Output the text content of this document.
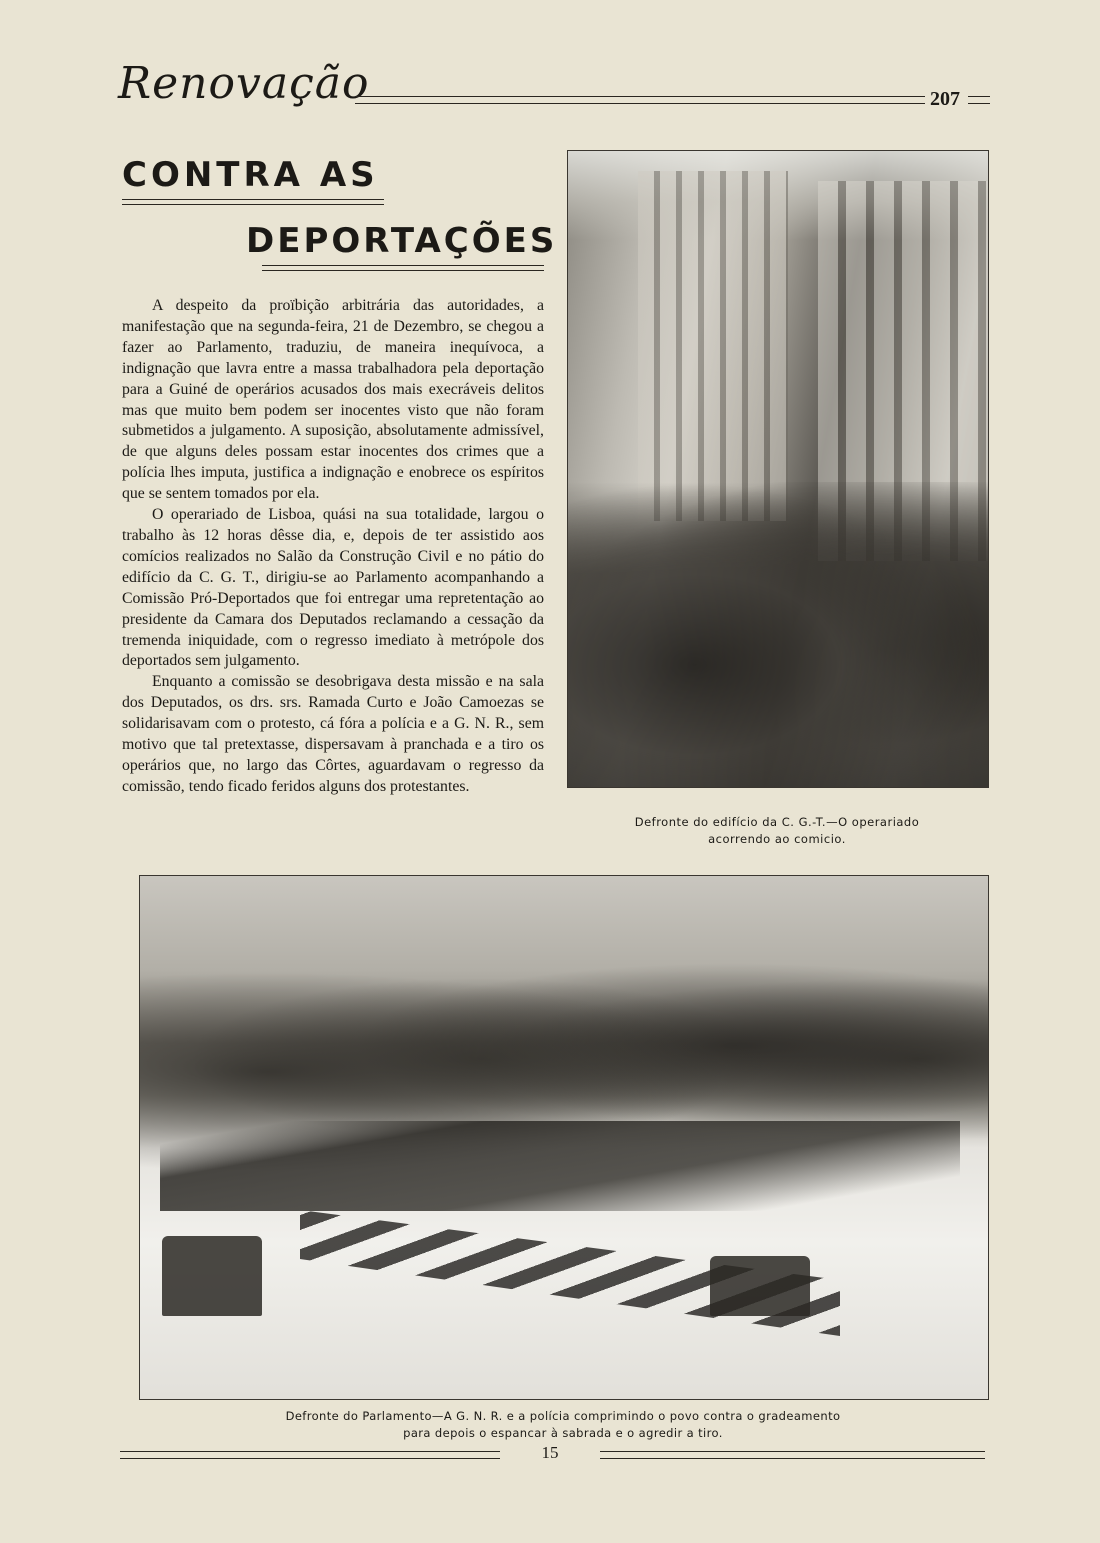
Renovação	207
CONTRA AS
DEPORTAÇÕES

A despeito da proïbição arbitrária das autoridades, a manifestação que na segunda-feira, 21 de Dezembro, se chegou a fazer ao Parlamento, traduziu, de maneira inequívoca, a indignação que lavra entre a massa trabalhadora pela deportação para a Guiné de operários acusados dos mais execráveis delitos mas que muito bem podem ser inocentes visto que não foram submetidos a julgamento. A suposição, absolutamente admissível, de que alguns deles possam estar inocentes dos crimes que a polícia lhes imputa, justifica a indignação e enobrece os espíritos que se sentem tomados por ela.

O operariado de Lisboa, quási na sua totalidade, largou o trabalho às 12 horas dêsse dia, e, depois de ter assistido aos comícios realizados no Salão da Construção Civil e no pátio do edifício da C. G. T., dirigiu-se ao Parlamento acompanhando a Comissão Pró-Deportados que foi entregar uma repretentação ao presidente da Camara dos Deputados reclamando a cessação da tremenda iniquidade, com o regresso imediato à metrópole dos deportados sem julgamento.

Enquanto a comissão se desobrigava desta missão e na sala dos Deputados, os drs. srs. Ramada Curto e João Camoezas se solidarisavam com o protesto, cá fóra a polícia e a G. N. R., sem motivo que tal pretextasse, dispersavam à pranchada e a tiro os operários que, no largo das Côrtes, aguardavam o regresso da comissão, tendo ficado feridos alguns dos protestantes.

Defronte do edifício da C. G.-T.—O operariado
acorrendo ao comicio.
Defronte do Parlamento—A G. N. R. e a polícia comprimindo o povo contra o gradeamento
para depois o espancar à sabrada e o agredir a tiro.
15
